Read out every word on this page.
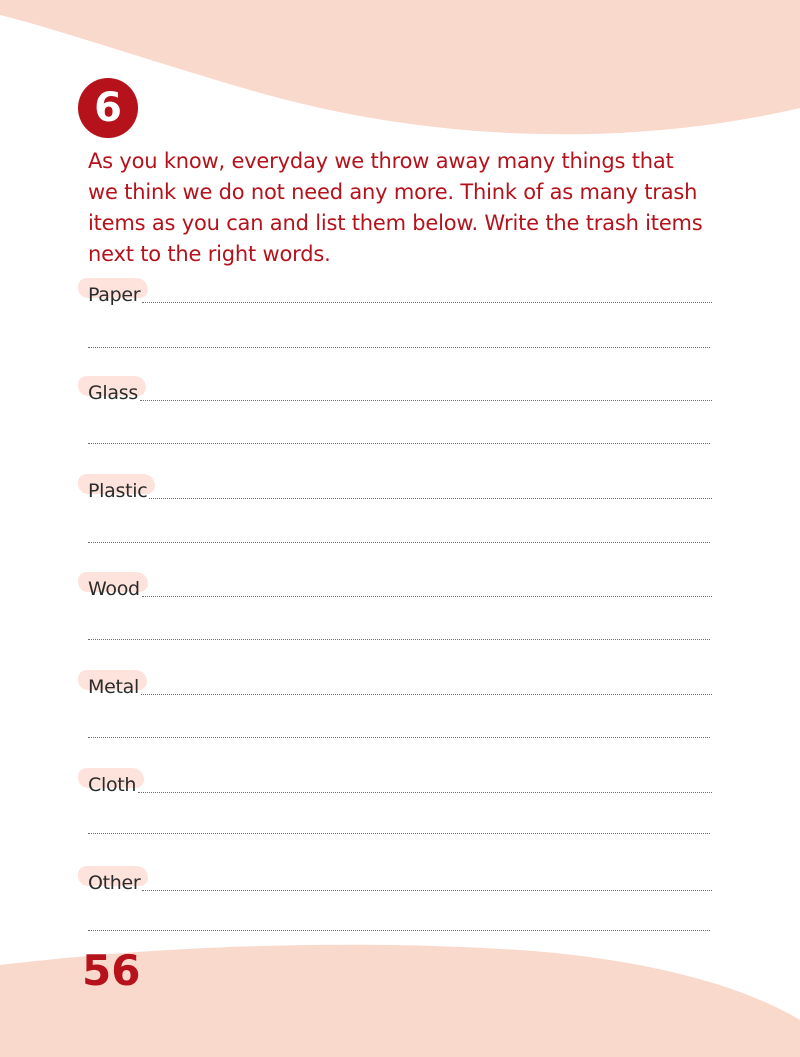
6

As you know, everyday we throw away many things that

we think we do not need any more. Think of as many trash

items as you can and list them below. Write the trash items

next to the right words.

Paper
Glass
Plastic
Wood
Metal
Cloth
Other
56
